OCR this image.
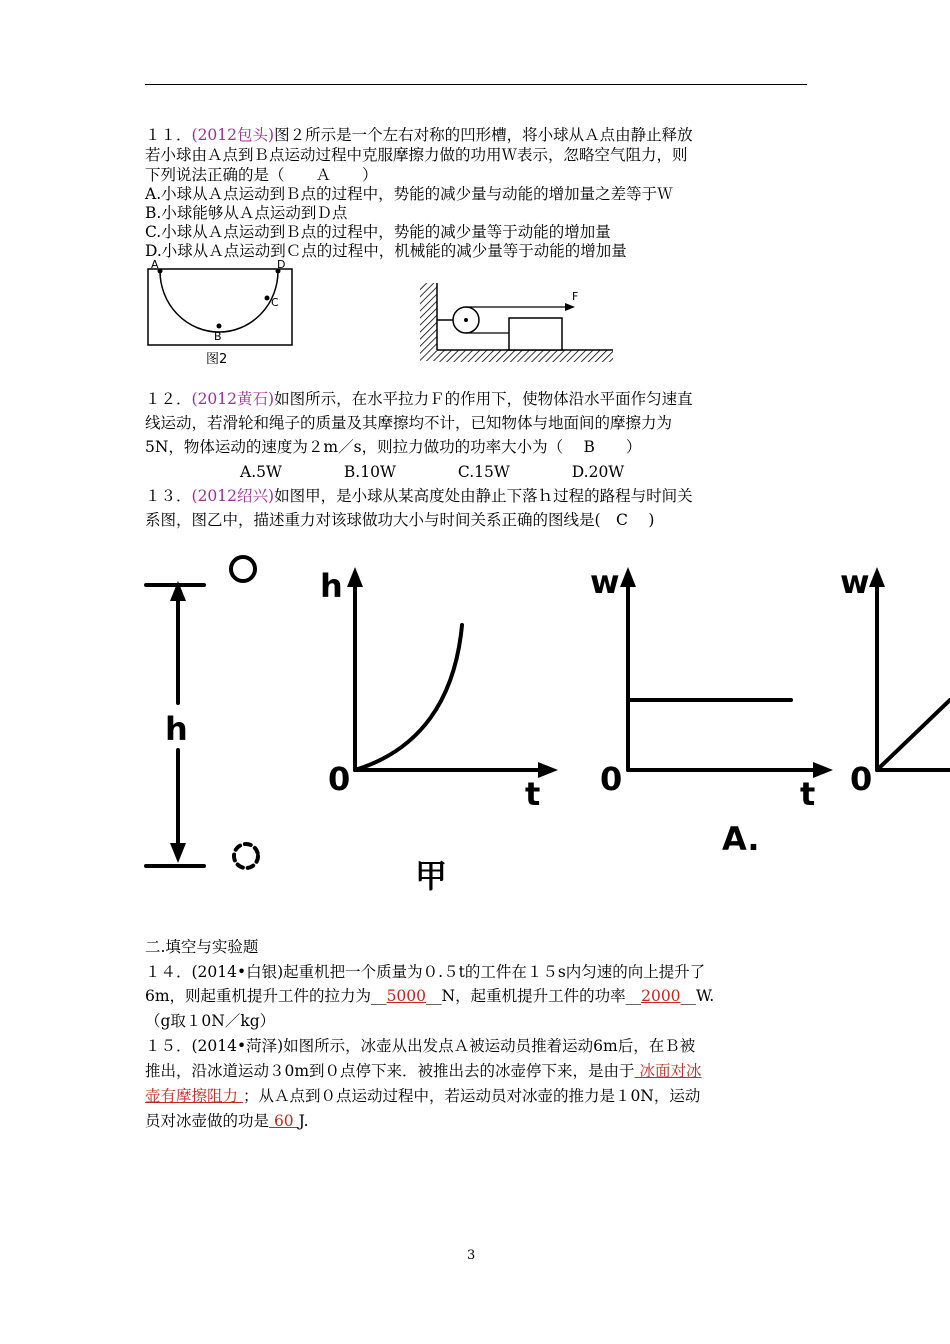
１１．(2012包头)图２所示是一个左右对称的凹形槽，将小球从Ａ点由静止释放
若小球由Ａ点到Ｂ点运动过程中克服摩擦力做的功用Ｗ表示，忽略空气阻力，则
下列说法正确的是（　　Ａ　　）
A.小球从Ａ点运动到Ｂ点的过程中，势能的减少量与动能的增加量之差等于Ｗ
B.小球能够从Ａ点运动到Ｄ点
C.小球从Ａ点运动到Ｂ点的过程中，势能的减少量等于动能的增加量
D.小球从Ａ点运动到Ｃ点的过程中，机械能的减少量等于动能的增加量
A	D
C
B
图2
F
１２．(2012黄石)如图所示，在水平拉力Ｆ的作用下，使物体沿水平面作匀速直
线运动，若滑轮和绳子的质量及其摩擦均不计，已知物体与地面间的摩擦力为
5N，物体运动的速度为２m／s，则拉力做功的功率大小为（　 B　　）
A.5W　　　　B.10W　　　　C.15W　　　　D.20W
１３．(2012绍兴)如图甲，是小球从某高度处由静止下落ｈ过程的路程与时间关
系图，图乙中，描述重力对该球做功大小与时间关系正确的图线是(　C　 )
h
h
0	t
w
0	t
A.
w
0
甲
二.填空与实验题
１４．(2014•白银)起重机把一个质量为０.５t的工件在１５s内匀速的向上提升了
6m，则起重机提升工件的拉力为__5000__N，起重机提升工件的功率__2000__W.
（g取１0N／kg）
１５．(2014•菏泽)如图所示，冰壶从出发点Ａ被运动员推着运动6m后，在Ｂ被
推出，沿冰道运动３0m到０点停下来．被推出去的冰壶停下来，是由于 冰面对冰
壶有摩擦阻力 ；从Ａ点到０点运动过程中，若运动员对冰壶的推力是１0N，运动
员对冰壶做的功是 60 J.
3
